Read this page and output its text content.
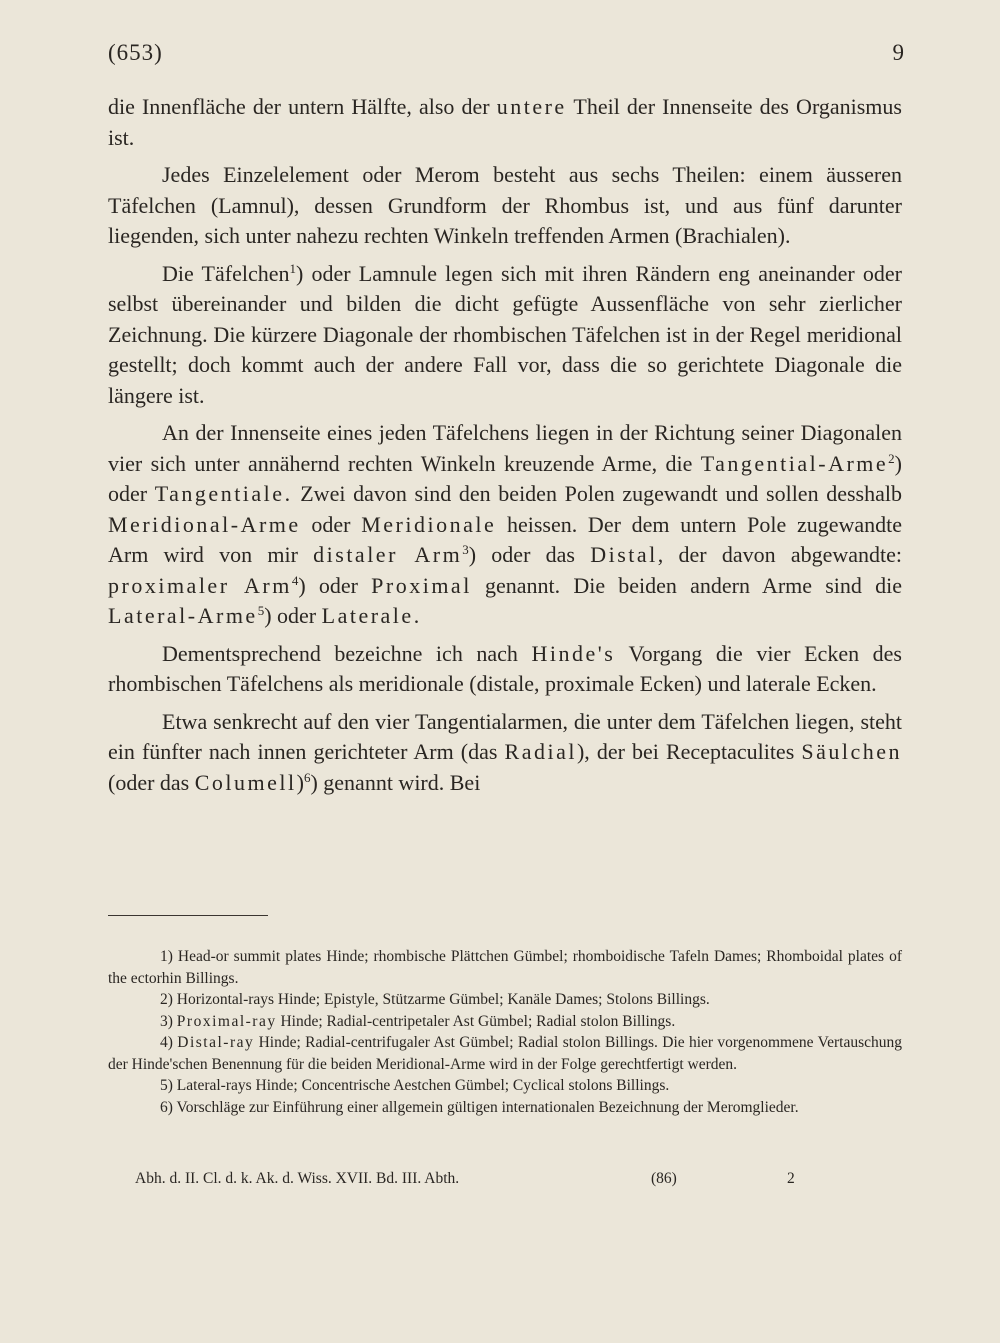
(653)	9

die Innenfläche der untern Hälfte, also der untere Theil der Innenseite des Organismus ist.

Jedes Einzelelement oder Merom besteht aus sechs Theilen: einem äusseren Täfelchen (Lamnul), dessen Grundform der Rhombus ist, und aus fünf darunter liegenden, sich unter nahezu rechten Winkeln treffenden Armen (Brachialen).

Die Täfelchen$^1$) oder Lamnule legen sich mit ihren Rändern eng aneinander oder selbst übereinander und bilden die dicht gefügte Aussenfläche von sehr zierlicher Zeichnung. Die kürzere Diagonale der rhombischen Täfelchen ist in der Regel meridional gestellt; doch kommt auch der andere Fall vor, dass die so gerichtete Diagonale die längere ist.

An der Innenseite eines jeden Täfelchens liegen in der Richtung seiner Diagonalen vier sich unter annähernd rechten Winkeln kreuzende Arme, die Tangential-Arme$^2$) oder Tangentiale. Zwei davon sind den beiden Polen zugewandt und sollen desshalb Meridional-Arme oder Meridionale heissen. Der dem untern Pole zugewandte Arm wird von mir distaler Arm$^3$) oder das Distal, der davon abgewandte: proximaler Arm$^4$) oder Proximal genannt. Die beiden andern Arme sind die Lateral-Arme$^5$) oder Laterale.

Dementsprechend bezeichne ich nach Hinde's Vorgang die vier Ecken des rhombischen Täfelchens als meridionale (distale, proximale Ecken) und laterale Ecken.

Etwa senkrecht auf den vier Tangentialarmen, die unter dem Täfelchen liegen, steht ein fünfter nach innen gerichteter Arm (das Radial), der bei Receptaculites Säulchen (oder das Columell)$^6$) genannt wird. Bei

1) Head-or summit plates Hinde; rhombische Plättchen Gümbel; rhomboidische Tafeln Dames; Rhomboidal plates of the ectorhin Billings.

2) Horizontal-rays Hinde; Epistyle, Stützarme Gümbel; Kanäle Dames; Stolons Billings.

3) Proximal-ray Hinde; Radial-centripetaler Ast Gümbel; Radial stolon Billings.

4) Distal-ray Hinde; Radial-centrifugaler Ast Gümbel; Radial stolon Billings. Die hier vorgenommene Vertauschung der Hinde'schen Benennung für die beiden Meridional-Arme wird in der Folge gerechtfertigt werden.

5) Lateral-rays Hinde; Concentrische Aestchen Gümbel; Cyclical stolons Billings.

6) Vorschläge zur Einführung einer allgemein gültigen internationalen Bezeichnung der Meromglieder.

Abh. d. II. Cl. d. k. Ak. d. Wiss. XVII. Bd. III. Abth.	(86)	2
